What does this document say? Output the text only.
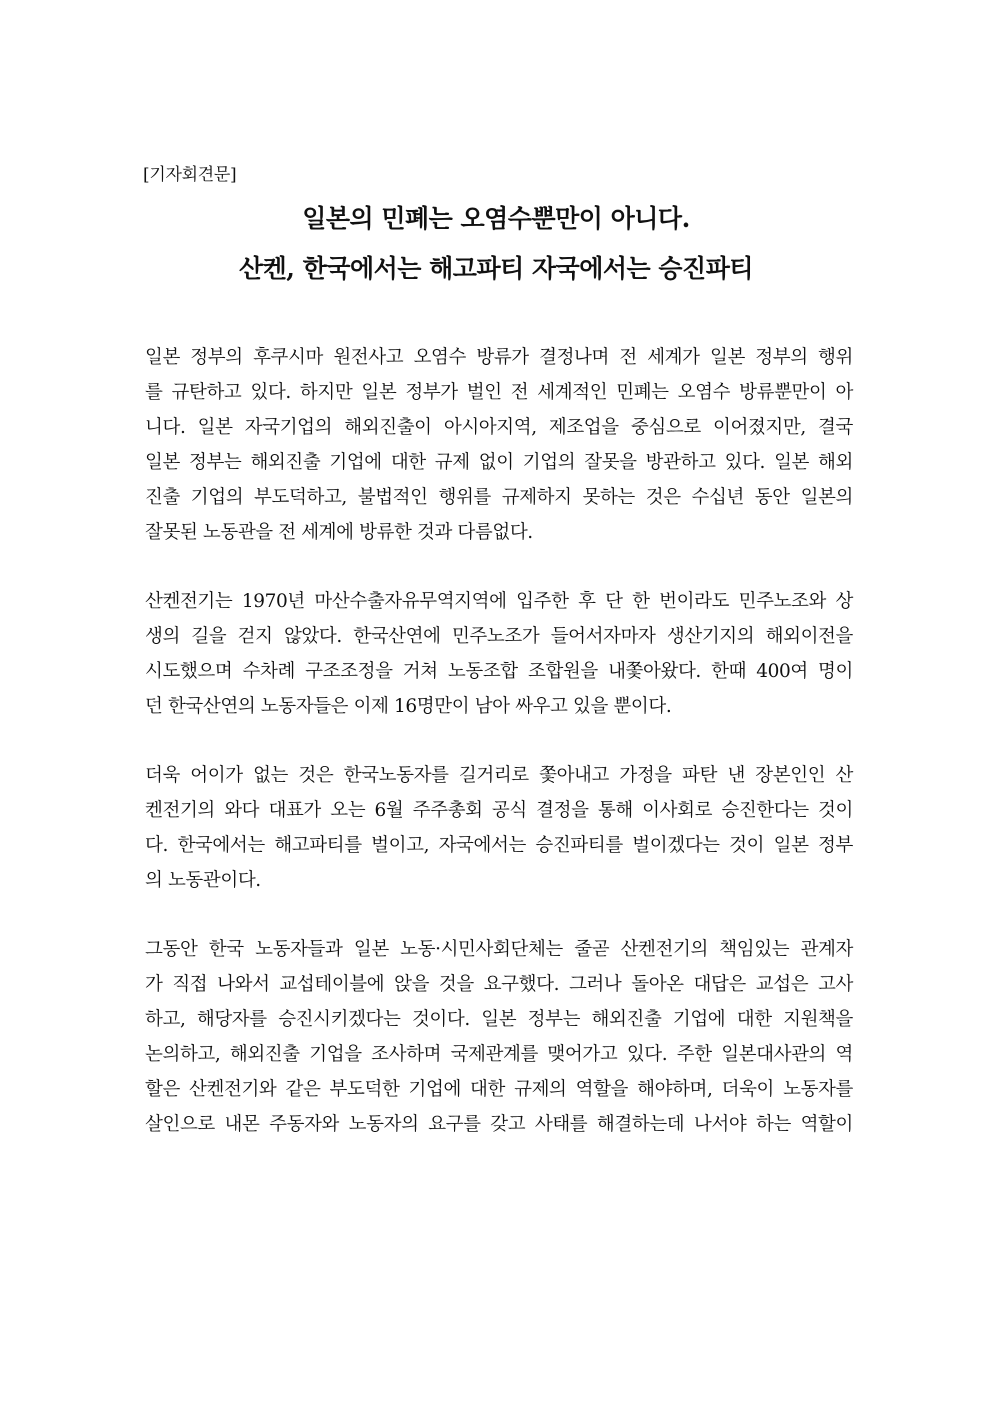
[기자회견문]
일본의 민폐는 오염수뿐만이 아니다.
산켄, 한국에서는 해고파티 자국에서는 승진파티
일본 정부의 후쿠시마 원전사고 오염수 방류가 결정나며 전 세계가 일본 정부의 행위
를 규탄하고 있다. 하지만 일본 정부가 벌인 전 세계적인 민폐는 오염수 방류뿐만이 아
니다. 일본 자국기업의 해외진출이 아시아지역, 제조업을 중심으로 이어졌지만, 결국
일본 정부는 해외진출 기업에 대한 규제 없이 기업의 잘못을 방관하고 있다. 일본 해외
진출 기업의 부도덕하고, 불법적인 행위를 규제하지 못하는 것은 수십년 동안 일본의
잘못된 노동관을 전 세계에 방류한 것과 다름없다.
산켄전기는 1970년 마산수출자유무역지역에 입주한 후 단 한 번이라도 민주노조와 상
생의 길을 걷지 않았다. 한국산연에 민주노조가 들어서자마자 생산기지의 해외이전을
시도했으며 수차례 구조조정을 거쳐 노동조합 조합원을 내쫓아왔다. 한때 400여 명이
던 한국산연의 노동자들은 이제 16명만이 남아 싸우고 있을 뿐이다.
더욱 어이가 없는 것은 한국노동자를 길거리로 쫓아내고 가정을 파탄 낸 장본인인 산
켄전기의 와다 대표가 오는 6월 주주총회 공식 결정을 통해 이사회로 승진한다는 것이
다. 한국에서는 해고파티를 벌이고, 자국에서는 승진파티를 벌이겠다는 것이 일본 정부
의 노동관이다.
그동안 한국 노동자들과 일본 노동·시민사회단체는 줄곧 산켄전기의 책임있는 관계자
가 직접 나와서 교섭테이블에 앉을 것을 요구했다. 그러나 돌아온 대답은 교섭은 고사
하고, 해당자를 승진시키겠다는 것이다. 일본 정부는 해외진출 기업에 대한 지원책을
논의하고, 해외진출 기업을 조사하며 국제관계를 맺어가고 있다. 주한 일본대사관의 역
할은 산켄전기와 같은 부도덕한 기업에 대한 규제의 역할을 해야하며, 더욱이 노동자를
살인으로 내몬 주동자와 노동자의 요구를 갖고 사태를 해결하는데 나서야 하는 역할이
